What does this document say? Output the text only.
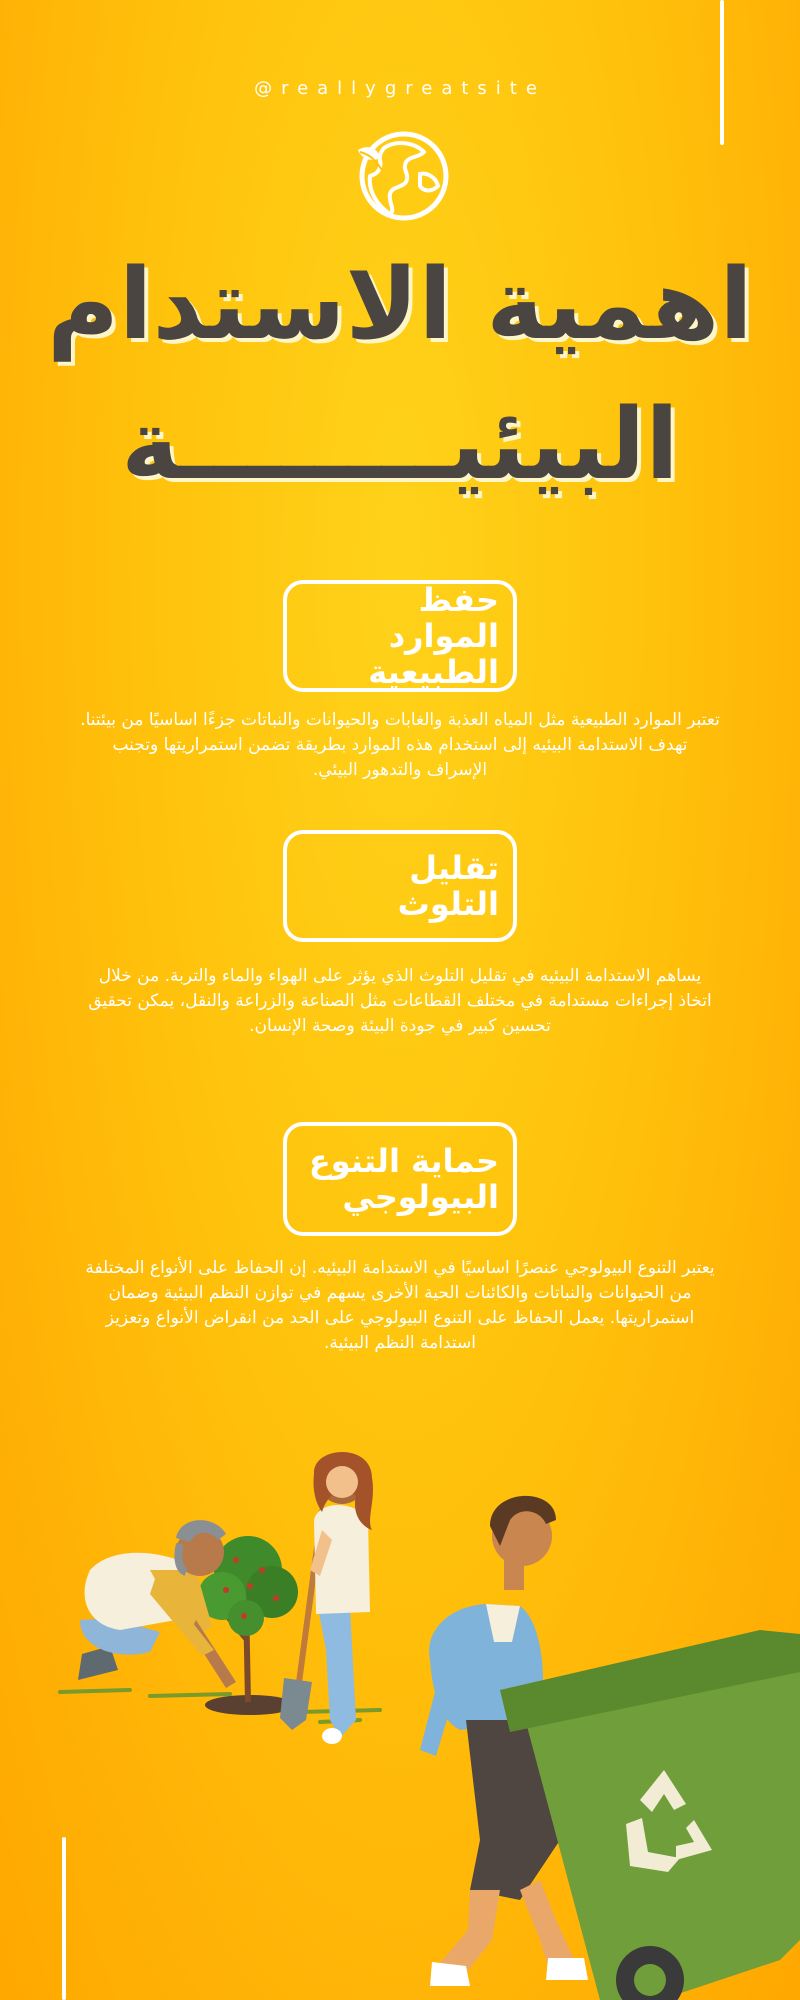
@reallygreatsite
اهمية الاستدام
البيئيــــــــة
حفظ الموارد الطبيعية
تعتبر الموارد الطبيعية مثل المياه العذبة والغابات والحيوانات والنباتات جزءًا اساسيًا من بيئتنا. تهدف الاستدامة البيئيه إلى استخدام هذه الموارد بطريقة تضمن استمراريتها وتجنب الإسراف والتدهور البيئي.
تقليل التلوث
يساهم الاستدامة البيئيه في تقليل التلوث الذي يؤثر على الهواء والماء والتربة. من خلال اتخاذ إجراءات مستدامة في مختلف القطاعات مثل الصناعة والزراعة والنقل، يمكن تحقيق تحسين كبير في جودة البيئة وصحة الإنسان.
حماية التنوع البيولوجي
يعتبر التنوع البيولوجي عنصرًا اساسيًا في الاستدامة البيئيه. إن الحفاظ على الأنواع المختلفة من الحيوانات والنباتات والكائنات الحية الأخرى يسهم في توازن النظم البيئية وضمان استمراريتها. يعمل الحفاظ على التنوع البيولوجي على الحد من انقراض الأنواع وتعزيز استدامة النظم البيئية.
